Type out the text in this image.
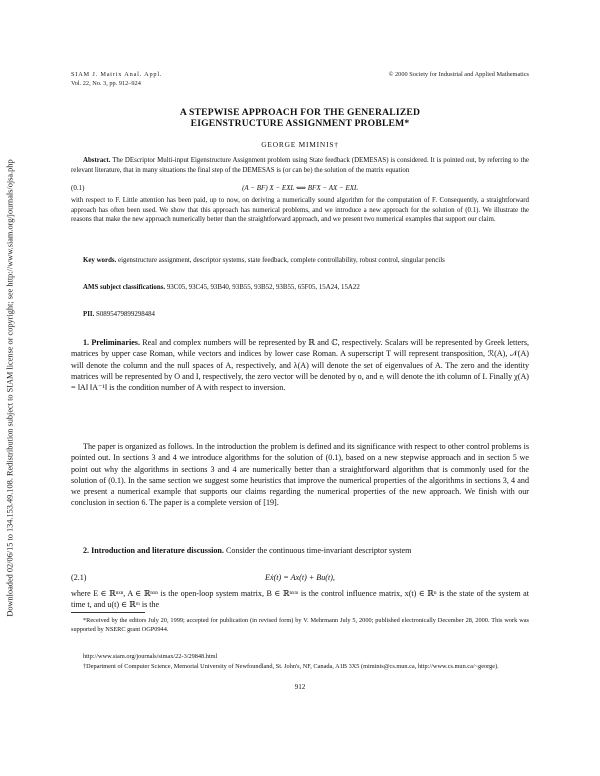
Downloaded 02/06/15 to 134.153.49.108. Redistribution subject to SIAM license or copyright; see http://www.siam.org/journals/ojsa.php
SIAM J. Matrix Anal. Appl.
Vol. 22, No. 3, pp. 912–924
© 2000 Society for Industrial and Applied Mathematics
A STEPWISE APPROACH FOR THE GENERALIZED
EIGENSTRUCTURE ASSIGNMENT PROBLEM*
GEORGE MIMINIS†
Abstract. The DEscriptor Multi-input Eigenstructure Assignment problem using State feedback (DEMESAS) is considered. It is pointed out, by referring to the relevant literature, that in many situations the final step of the DEMESAS is (or can be) the solution of the matrix equation
(0.1)	(A − BF) X − EXL ⟺ BFX − AX − EXL
with respect to F. Little attention has been paid, up to now, on deriving a numerically sound algorithm for the computation of F. Consequently, a straightforward approach has often been used. We show that this approach has numerical problems, and we introduce a new approach for the solution of (0.1). We illustrate the reasons that make the new approach numerically better than the straightforward approach, and we present two numerical examples that support our claim.
Key words. eigenstructure assignment, descriptor systems, state feedback, complete controllability, robust control, singular pencils
AMS subject classifications. 93C05, 93C45, 93B40, 93B55, 93B52, 93B55, 65F05, 15A24, 15A22
PII. S0895479899298484
1. Preliminaries. Real and complex numbers will be represented by ℝ and ℂ, respectively. Scalars will be represented by Greek letters, matrices by upper case Roman, while vectors and indices by lower case Roman. A superscript T will represent transposition, ℛ(A), 𝒩(A) will denote the column and the null spaces of A, respectively, and λ(A) will denote the set of eigenvalues of A. The zero and the identity matrices will be represented by O and I, respectively, the zero vector will be denoted by o, and eᵢ will denote the ith column of I. Finally χ(A) = ‖A‖ ‖A⁻¹‖ is the condition number of A with respect to inversion.
The paper is organized as follows. In the introduction the problem is defined and its significance with respect to other control problems is pointed out. In sections 3 and 4 we introduce algorithms for the solution of (0.1), based on a new stepwise approach and in section 5 we point out why the algorithms in sections 3 and 4 are numerically better than a straightforward algorithm that is commonly used for the solution of (0.1). In the same section we suggest some heuristics that improve the numerical properties of the algorithms in sections 3, 4 and we present a numerical example that supports our claims regarding the numerical properties of the new approach. We finish with our conclusion in section 6. The paper is a complete version of [19].
2. Introduction and literature discussion. Consider the continuous time-invariant descriptor system
(2.1)	Eẋ(t) = Ax(t) + Bu(t),
where E ∈ ℝⁿˣⁿ, A ∈ ℝⁿˣⁿ is the open-loop system matrix, B ∈ ℝⁿˣᵐ is the control influence matrix, x(t) ∈ ℝⁿ is the state of the system at time t, and u(t) ∈ ℝᵐ is the
*Received by the editors July 20, 1999; accepted for publication (in revised form) by V. Mehrmann July 5, 2000; published electronically December 28, 2000. This work was supported by NSERC grant OGP0944.
http://www.siam.org/journals/simax/22-3/29848.html
†Department of Computer Science, Memorial University of Newfoundland, St. John's, NF, Canada, A1B 3X5 (miminis@cs.mun.ca, http://www.cs.mun.ca/~george).
912
